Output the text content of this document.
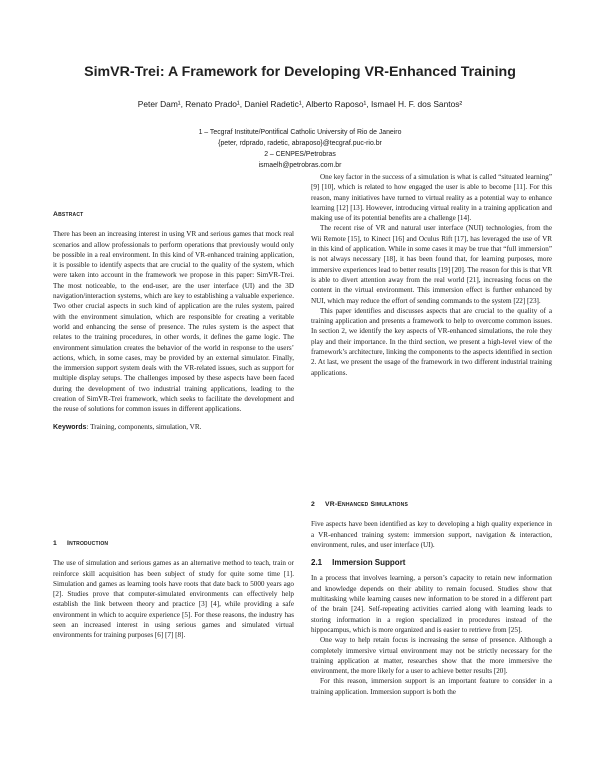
SimVR-Trei: A Framework for Developing VR-Enhanced Training
Peter Dam¹, Renato Prado¹, Daniel Radetic¹, Alberto Raposo¹, Ismael H. F. dos Santos²
1 – Tecgraf Institute/Pontifical Catholic University of Rio de Janeiro
{peter, rdprado, radetic, abraposo}@tecgraf.puc-rio.br
2 – CENPES/Petrobras
ismaelh@petrobras.com.br
Abstract

There has been an increasing interest in using VR and serious games that mock real scenarios and allow professionals to perform operations that previously would only be possible in a real environment. In this kind of VR-enhanced training application, it is possible to identify aspects that are crucial to the quality of the system, which were taken into account in the framework we propose in this paper: SimVR-Trei. The most noticeable, to the end-user, are the user interface (UI) and the 3D navigation/interaction systems, which are key to establishing a valuable experience. Two other crucial aspects in such kind of application are the rules system, paired with the environment simulation, which are responsible for creating a veritable world and enhancing the sense of presence. The rules system is the aspect that relates to the training procedures, in other words, it defines the game logic. The environment simulation creates the behavior of the world in response to the users’ actions, which, in some cases, may be provided by an external simulator. Finally, the immersion support system deals with the VR-related issues, such as support for multiple display setups. The challenges imposed by these aspects have been faced during the development of two industrial training applications, leading to the creation of SimVR-Trei framework, which seeks to facilitate the development and the reuse of solutions for common issues in different applications.

Keywords: Training, components, simulation, VR.
1 Introduction

The use of simulation and serious games as an alternative method to teach, train or reinforce skill acquisition has been subject of study for quite some time [1]. Simulation and games as learning tools have roots that date back to 5000 years ago [2]. Studies prove that computer-simulated environments can effectively help establish the link between theory and practice [3] [4], while providing a safe environment in which to acquire experience [5]. For these reasons, the industry has seen an increased interest in using serious games and simulated virtual environments for training purposes [6] [7] [8].

One key factor in the success of a simulation is what is called “situated learning” [9] [10], which is related to how engaged the user is able to become [11]. For this reason, many initiatives have turned to virtual reality as a potential way to enhance learning [12] [13]. However, introducing virtual reality in a training application and making use of its potential benefits are a challenge [14].

The recent rise of VR and natural user interface (NUI) technologies, from the Wii Remote [15], to Kinect [16] and Oculus Rift [17], has leveraged the use of VR in this kind of application. While in some cases it may be true that “full immersion” is not always necessary [18], it has been found that, for learning purposes, more immersive experiences lead to better results [19] [20]. The reason for this is that VR is able to divert attention away from the real world [21], increasing focus on the content in the virtual environment. This immersion effect is further enhanced by NUI, which may reduce the effort of sending commands to the system [22] [23].

This paper identifies and discusses aspects that are crucial to the quality of a training application and presents a framework to help to overcome common issues. In section 2, we identify the key aspects of VR-enhanced simulations, the role they play and their importance. In the third section, we present a high-level view of the framework’s architecture, linking the components to the aspects identified in section 2. At last, we present the usage of the framework in two different industrial training applications.

2 VR-Enhanced Simulations

Five aspects have been identified as key to developing a high quality experience in a VR-enhanced training system: immersion support, navigation & interaction, environment, rules, and user interface (UI).

2.1 Immersion Support

In a process that involves learning, a person’s capacity to retain new information and knowledge depends on their ability to remain focused. Studies show that multitasking while learning causes new information to be stored in a different part of the brain [24]. Self-repeating activities carried along with learning leads to storing information in a region specialized in procedures instead of the hippocampus, which is more organized and is easier to retrieve from [25].

One way to help retain focus is increasing the sense of presence. Although a completely immersive virtual environment may not be strictly necessary for the training application at matter, researches show that the more immersive the environment, the more likely for a user to achieve better results [20].

For this reason, immersion support is an important feature to consider in a training application. Immersion support is both the
